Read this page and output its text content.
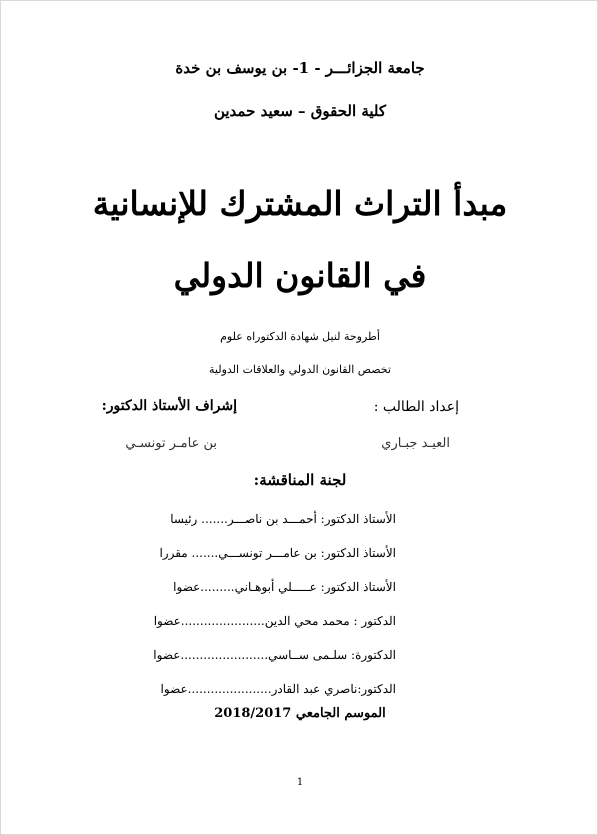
جامعة الجزائـــر - 1- بن يوسف بن خدة
كلية الحقوق – سعيد حمدين
مبدأ التراث المشترك للإنسانية
في القانون الدولي
أطروحة لنيل شهادة الدكتوراه علوم
تخصص القانون الدولي والعلاقات الدولية
إعداد الطالب :
إشراف الأستاذ الدكتور:
العيـد جبـاري
بن عامـر تونسـي
لجنة المناقشة:
الأستاذ الدكتور: أحمـــد بن ناصـــر....... رئيسا
الأستاذ الدكتور: بن عامـــر تونســـي....... مقررا
الأستاذ الدكتور: عـــــلي أبوهـاني.........عضوا
الدكتور : محمد محي الدين......................عضوا
الدكتورة: سلـمى ســاسي.......................عضوا
الدكتور:ناصري عبد القادر......................عضوا
الموسم الجامعي 2018/2017
1
